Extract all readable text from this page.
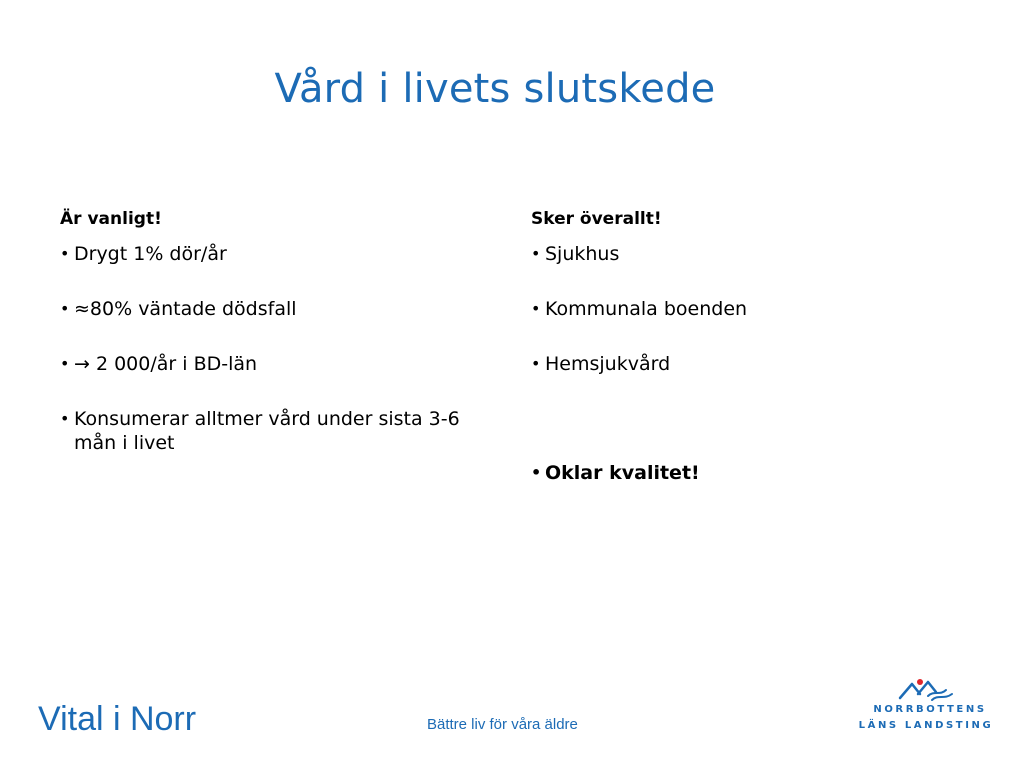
Vård i livets slutskede
Är vanligt!
• Drygt 1% dör/år
• ≈80% väntade dödsfall
• → 2 000/år i BD-län
• Konsumerar alltmer vård under sista 3-6 mån i livet
Sker överallt!
• Sjukhus
• Kommunala boenden
• Hemsjukvård
• Oklar kvalitet!
Vital i Norr	Bättre liv för våra äldre
NORRBOTTENS
LÄNS LANDSTING
